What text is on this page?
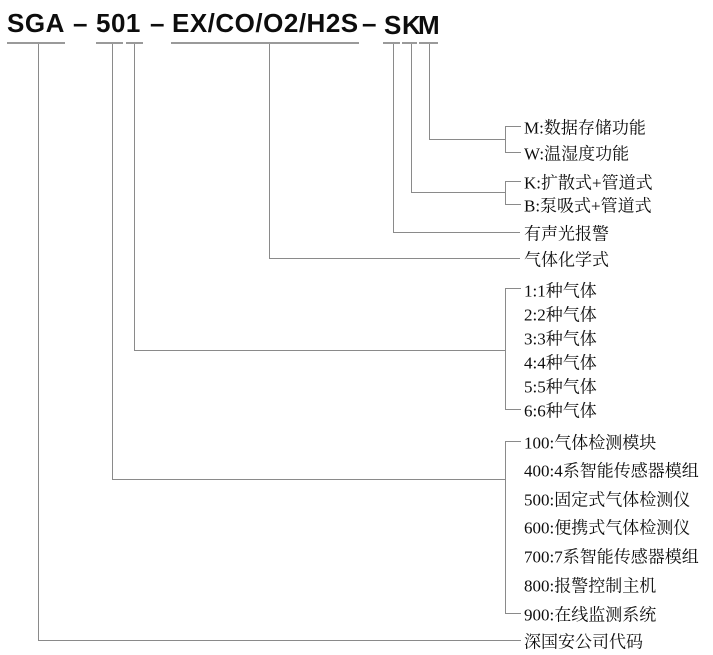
SGA – 501 – EX/CO/O2/H2S – S K
M
M:数据存储功能
W:温湿度功能
K:扩散式+管道式
B:泵吸式+管道式
有声光报警
气体化学式
1:1种气体
2:2种气体
3:3种气体
4:4种气体
5:5种气体
6:6种气体
100:气体检测模块
400:4系智能传感器模组
500:固定式气体检测仪
600:便携式气体检测仪
700:7系智能传感器模组
800:报警控制主机
900:在线监测系统
深国安公司代码
